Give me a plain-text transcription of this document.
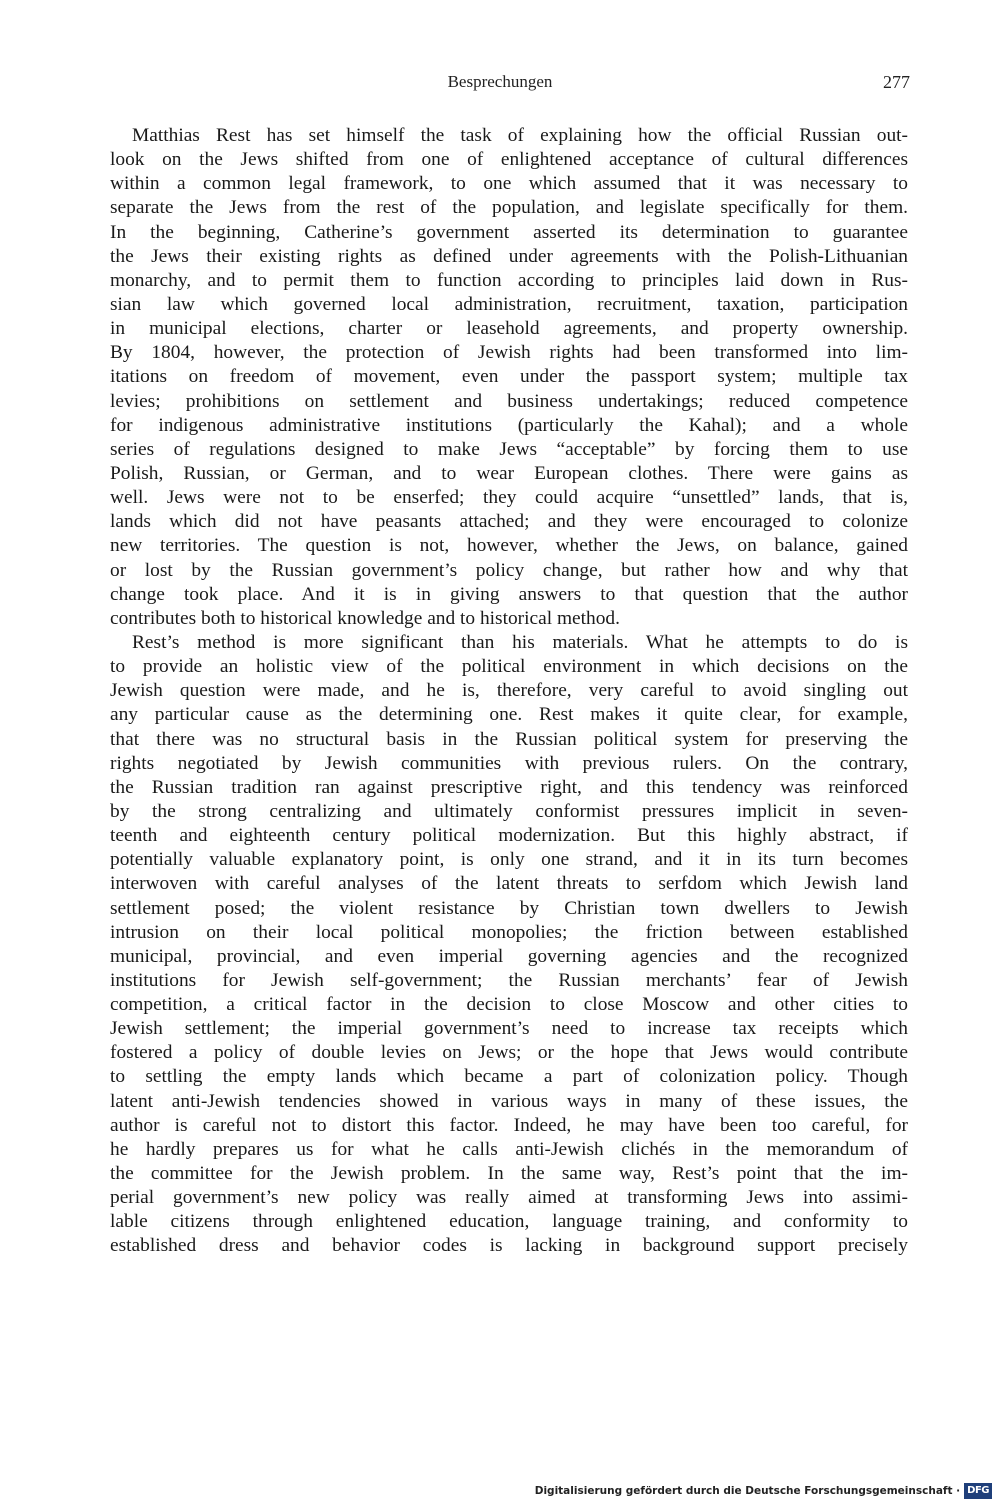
Besprechungen	277
Matthias Rest has set himself the task of explaining how the official Russian out-
look on the Jews shifted from one of enlightened acceptance of cultural differences
within a common legal framework, to one which assumed that it was necessary to
separate the Jews from the rest of the population, and legislate specifically for them.
In the beginning, Catherine’s government asserted its determination to guarantee
the Jews their existing rights as defined under agreements with the Polish-Lithuanian
monarchy, and to permit them to function according to principles laid down in Rus-
sian law which governed local administration, recruitment, taxation, participation
in municipal elections, charter or leasehold agreements, and property ownership.
By 1804, however, the protection of Jewish rights had been transformed into lim-
itations on freedom of movement, even under the passport system; multiple tax
levies; prohibitions on settlement and business undertakings; reduced competence
for indigenous administrative institutions (particularly the Kahal); and a whole
series of regulations designed to make Jews “acceptable” by forcing them to use
Polish, Russian, or German, and to wear European clothes. There were gains as
well. Jews were not to be enserfed; they could acquire “unsettled” lands, that is,
lands which did not have peasants attached; and they were encouraged to colonize
new territories. The question is not, however, whether the Jews, on balance, gained
or lost by the Russian government’s policy change, but rather how and why that
change took place. And it is in giving answers to that question that the author
contributes both to historical knowledge and to historical method.
Rest’s method is more significant than his materials. What he attempts to do is
to provide an holistic view of the political environment in which decisions on the
Jewish question were made, and he is, therefore, very careful to avoid singling out
any particular cause as the determining one. Rest makes it quite clear, for example,
that there was no structural basis in the Russian political system for preserving the
rights negotiated by Jewish communities with previous rulers. On the contrary,
the Russian tradition ran against prescriptive right, and this tendency was reinforced
by the strong centralizing and ultimately conformist pressures implicit in seven-
teenth and eighteenth century political modernization. But this highly abstract, if
potentially valuable explanatory point, is only one strand, and it in its turn becomes
interwoven with careful analyses of the latent threats to serfdom which Jewish land
settlement posed; the violent resistance by Christian town dwellers to Jewish
intrusion on their local political monopolies; the friction between established
municipal, provincial, and even imperial governing agencies and the recognized
institutions for Jewish self-government; the Russian merchants’ fear of Jewish
competition, a critical factor in the decision to close Moscow and other cities to
Jewish settlement; the imperial government’s need to increase tax receipts which
fostered a policy of double levies on Jews; or the hope that Jews would contribute
to settling the empty lands which became a part of colonization policy. Though
latent anti-Jewish tendencies showed in various ways in many of these issues, the
author is careful not to distort this factor. Indeed, he may have been too careful, for
he hardly prepares us for what he calls anti-Jewish clichés in the memorandum of
the committee for the Jewish problem. In the same way, Rest’s point that the im-
perial government’s new policy was really aimed at transforming Jews into assimi-
lable citizens through enlightened education, language training, and conformity to
established dress and behavior codes is lacking in background support precisely
Digitalisierung gefördert durch die Deutsche Forschungsgemeinschaft · DFG
